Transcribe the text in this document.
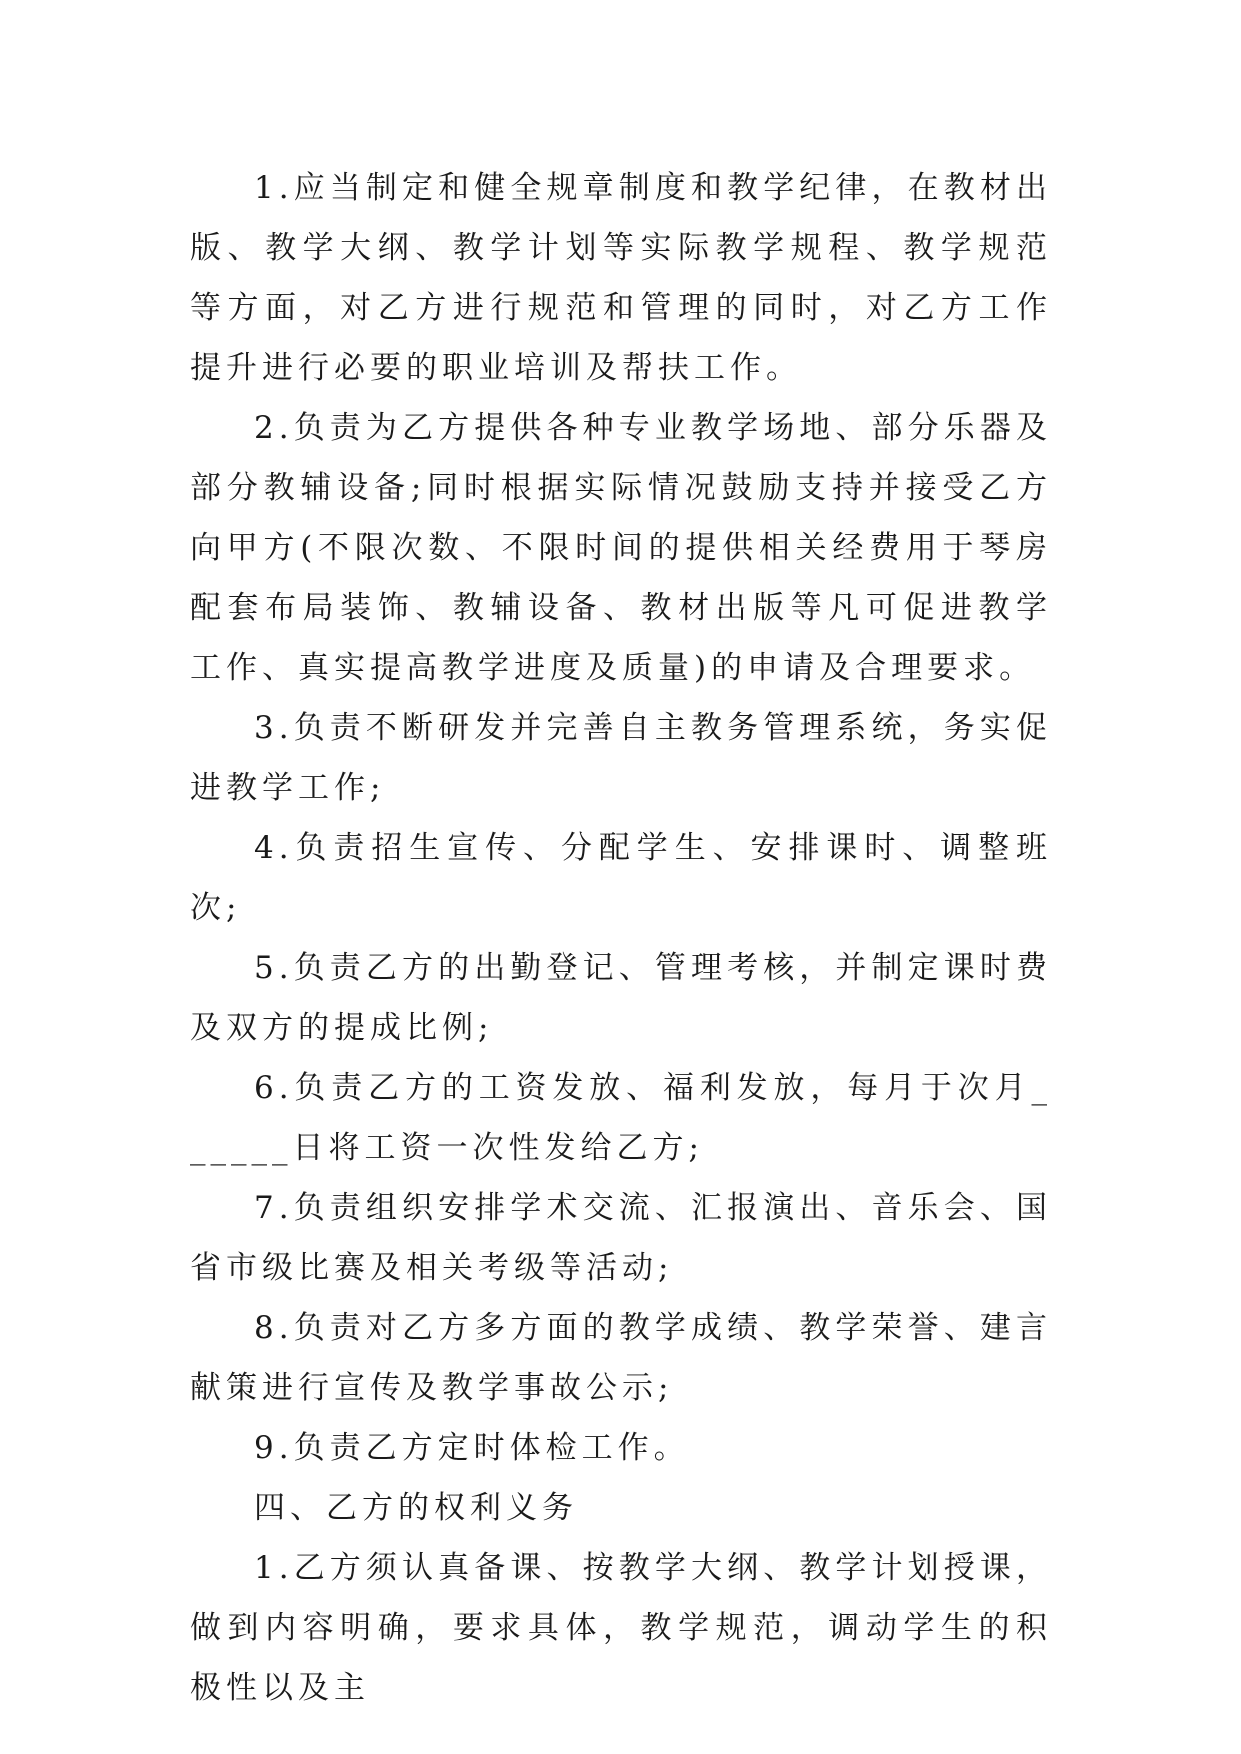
1.应当制定和健全规章制度和教学纪律，在教材出版、教学大纲、教学计划等实际教学规程、教学规范等方面，对乙方进行规范和管理的同时，对乙方工作提升进行必要的职业培训及帮扶工作。

2.负责为乙方提供各种专业教学场地、部分乐器及部分教辅设备;同时根据实际情况鼓励支持并接受乙方向甲方(不限次数、不限时间的提供相关经费用于琴房配套布局装饰、教辅设备、教材出版等凡可促进教学工作、真实提高教学进度及质量)的申请及合理要求。

3.负责不断研发并完善自主教务管理系统，务实促进教学工作;

4.负责招生宣传、分配学生、安排课时、调整班次;

5.负责乙方的出勤登记、管理考核，并制定课时费及双方的提成比例;

6.负责乙方的工资发放、福利发放，每月于次月______日将工资一次性发给乙方;

7.负责组织安排学术交流、汇报演出、音乐会、国省市级比赛及相关考级等活动;

8.负责对乙方多方面的教学成绩、教学荣誉、建言献策进行宣传及教学事故公示;

9.负责乙方定时体检工作。

四、乙方的权利义务

1.乙方须认真备课、按教学大纲、教学计划授课，做到内容明确，要求具体，教学规范，调动学生的积极性以及主
